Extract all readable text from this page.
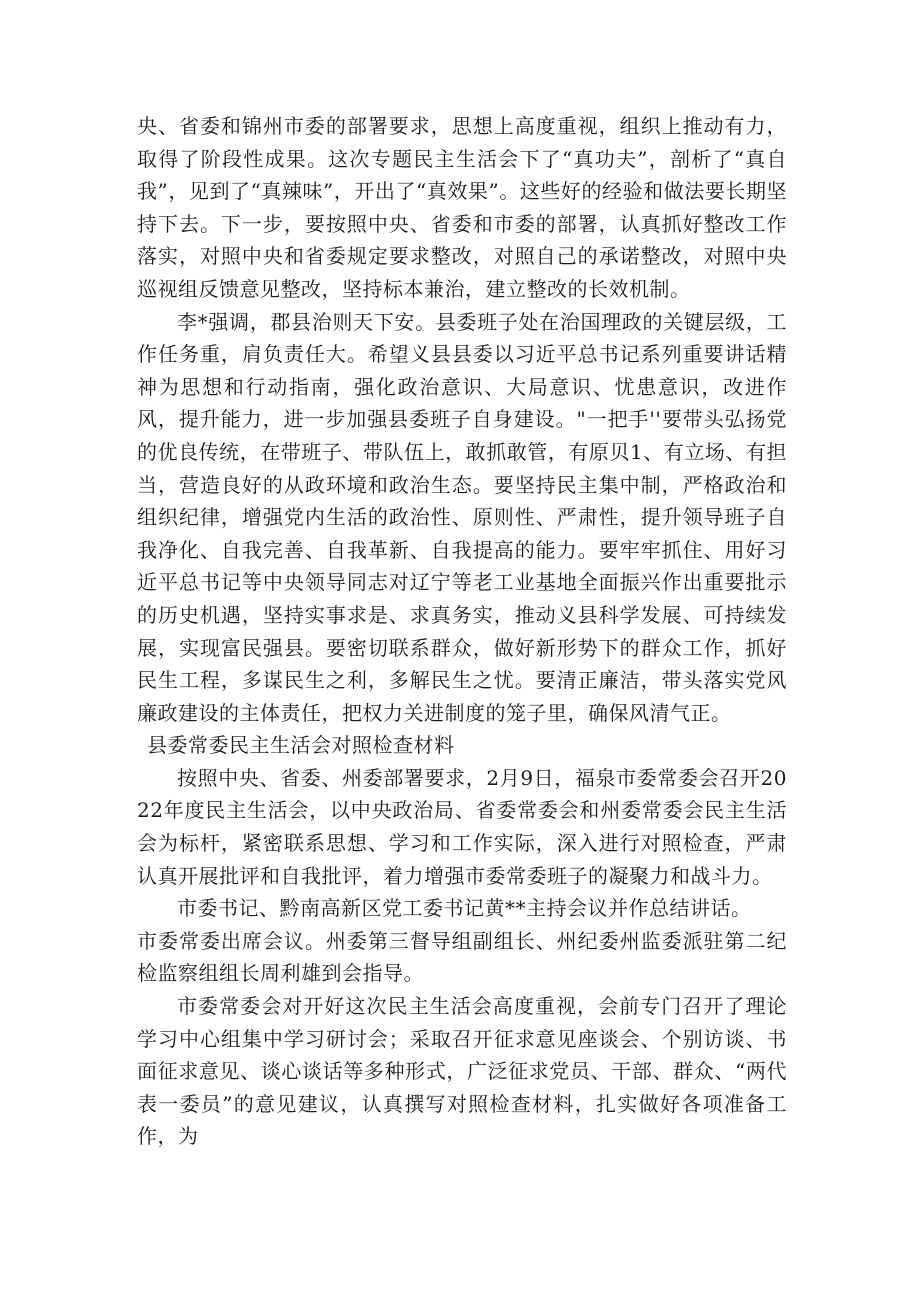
央、省委和锦州市委的部署要求，思想上高度重视，组织上推动有力，取得了阶段性成果。这次专题民主生活会下了“真功夫”，剖析了“真自我”，见到了“真辣味”，开出了“真效果”。这些好的经验和做法要长期坚持下去。下一步，要按照中央、省委和市委的部署，认真抓好整改工作落实，对照中央和省委规定要求整改，对照自己的承诺整改，对照中央巡视组反馈意见整改，坚持标本兼治，建立整改的长效机制。

李*强调，郡县治则天下安。县委班子处在治国理政的关键层级，工作任务重，肩负责任大。希望义县县委以习近平总书记系列重要讲话精神为思想和行动指南，强化政治意识、大局意识、忧患意识，改进作风，提升能力，进一步加强县委班子自身建设。"一把手''要带头弘扬党的优良传统，在带班子、带队伍上，敢抓敢管，有原贝1、有立场、有担当，营造良好的从政环境和政治生态。要坚持民主集中制，严格政治和组织纪律，增强党内生活的政治性、原则性、严肃性，提升领导班子自我净化、自我完善、自我革新、自我提高的能力。要牢牢抓住、用好习近平总书记等中央领导同志对辽宁等老工业基地全面振兴作出重要批示的历史机遇，坚持实事求是、求真务实，推动义县科学发展、可持续发展，实现富民强县。要密切联系群众，做好新形势下的群众工作，抓好民生工程，多谋民生之利，多解民生之忧。要清正廉洁，带头落实党风廉政建设的主体责任，把权力关进制度的笼子里，确保风清气正。

县委常委民主生活会对照检查材料

按照中央、省委、州委部署要求，2月9日，福泉市委常委会召开2022年度民主生活会，以中央政治局、省委常委会和州委常委会民主生活会为标杆，紧密联系思想、学习和工作实际，深入进行对照检查，严肃认真开展批评和自我批评，着力增强市委常委班子的凝聚力和战斗力。

市委书记、黔南高新区党工委书记黄**主持会议并作总结讲话。

市委常委出席会议。州委第三督导组副组长、州纪委州监委派驻第二纪检监察组组长周利雄到会指导。

市委常委会对开好这次民主生活会高度重视，会前专门召开了理论学习中心组集中学习研讨会；采取召开征求意见座谈会、个别访谈、书面征求意见、谈心谈话等多种形式，广泛征求党员、干部、群众、“两代表一委员”的意见建议，认真撰写对照检查材料，扎实做好各项准备工作，为
